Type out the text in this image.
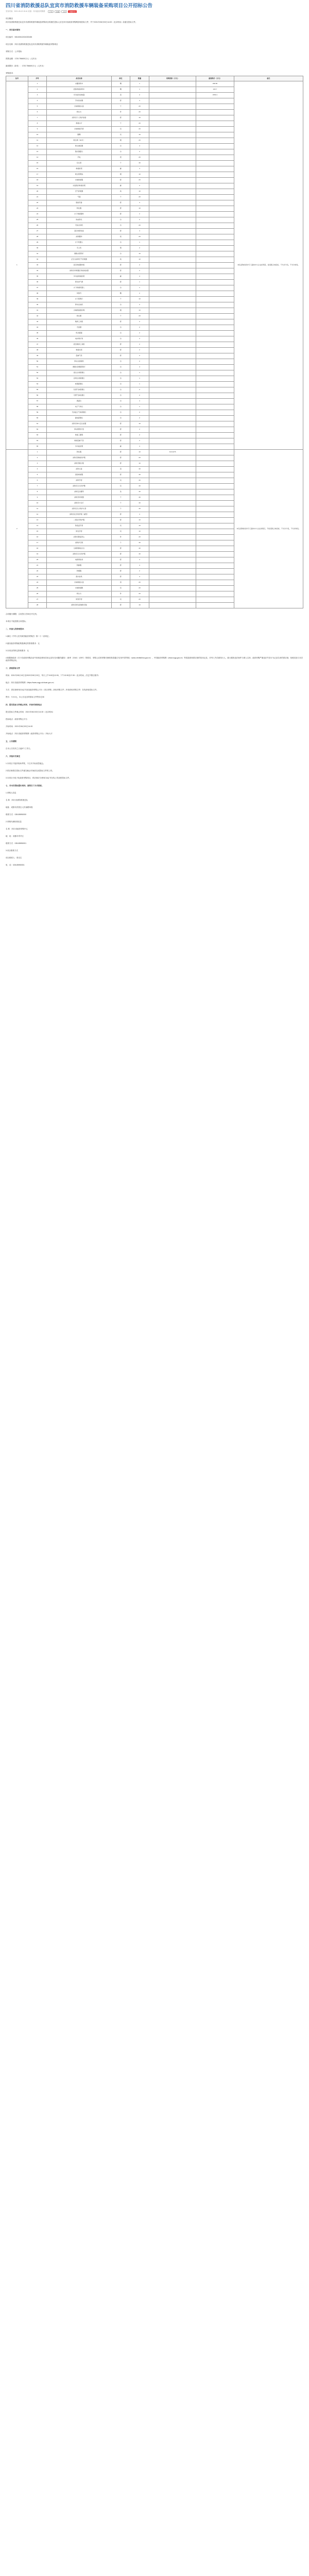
四川省消防救援总队宜宾市消防救援车辆装备采购项目公开招标公告
发布时间：2021-05-13 15:41 来源：四川政府采购网	打印	收藏	关闭	我要评论

项目概况

四川省消防救援总队宜宾市消防救援车辆装备采购项目的潜在投标人应在四川省政府采购网获取招标文件，并于2021年06月03日14:00（北京时间）前递交投标文件。

一、项目基本情况

项目编号：N5100012021000155

项目名称：四川省消防救援总队宜宾市消防救援车辆装备采购项目

采购方式：公开招标

预算金额：1720.756600万元（人民币）

最高限价（如有）：1720.756600万元（人民币）

采购需求：

包号	序号	品目名称	单位	数量	采购预算（万元）	最高限价（万元）	备注
1	1	水罐消防车	辆	1		298.86	本包采购的是非专门面向中小企业的项目，接受联合体投标，不允许分包，不允许转包。
	2	抢险救援消防车	辆	1		243.7	
	3	多功能洗消帐篷	顶	2		1559.1	
	4	手动洗消器	套	4			
	5	水域救援头盔	个	20			
	6	救生衣	件	20			
	7	消防员个人防护装备	套	10			
	8	救援头灯	个	20			
	9	水域救援手套	双	20			
	10	脚蹼	双	10			
	11	救生绳（30米）	根	20			
	12	救生抛投器	台	4			
	13	激光测距仪	台	2			
	14	手电	把	20			
	15	双头锁	个	40			
	16	救援担架	副	4			
	17	救生照明线	根	10			
	18	水域救援服	套	20			
	19	水面漂浮救援担架	副	2			
	20	空气呼吸器	具	10			
	21	气瓶	个	20			
	22	通信设备	套	4			
	23	防化服	套	10			
	24	水下救援器材	套	2			
	25	热成像仪	台	2			
	26	无线对讲机	台	20			
	27	高压软管卷盘	套	4			
	28	消防腰斧	把	20			
	29	水下机器人	台	1			
	30	无人机	架	2			
	31	便携式照明灯	台	10			
	32	正压式消防空气呼吸器	具	10			
	33	高空救援器材组	套	2			
	34	消防员呼救器后场接收装置	套	2			
	35	多功能救援担架	副	4			
	36	移动供气源	套	1			
	37	水下救援机器人	台	1			
	38	冲锋舟	艘	2			
	39	水下照明灯	个	10			
	40	移动发电机	台	2			
	41	水域救援漂浮绳	根	10			
	42	救生圈	个	20			
	43	破拆工具组	套	2			
	44	无齿锯	台	2			
	45	机动链锯	台	2			
	46	电动剪扩钳	台	2			
	47	液压破拆工具组	套	2			
	48	救援支架	套	2			
	49	起重气垫	套	2			
	50	移动式排烟机	台	2			
	51	便携式防爆照明灯	台	4			
	52	雷达生命探测仪	台	1			
	53	音频生命探测仪	台	1			
	54	蛇眼探测仪	台	1			
	55	有毒气体探测仪	台	2			
	56	可燃气体检测仪	台	2			
	57	测温仪	台	4			
	58	电子气象仪	台	1			
	59	无线复合气体探测仪	台	2			
	60	漏电探测仪	台	2			
	61	消防员单兵定位装置	套	10			
	62	移动照明灯组	套	2			
	63	救援三脚架	套	2			
	64	救援起重气垫	套	2			
	65	多功能担架	副	4			
2	1	防化服	套	10	313.4276		本包采购的是非专门面向中小企业的项目，不接受联合体投标，不允许分包，不允许转包。
	2	消防员隔热防护服	套	20			
	3	消防员避火服	套	10			
	4	消防头盔	顶	40			
	5	抢险救援服	套	40			
	6	消防手套	双	40			
	7	消防员灭火防护靴	双	40			
	8	消防安全腰带	条	40			
	9	消防员呼救器	个	40			
	10	消防员方位灯	个	40			
	11	消防员灭火防护头套	个	40			
	12	消防员化学防护服（重型）	套	4			
	13	二级化学防护服	套	10			
	14	防高温手套	双	10			
	15	防化手套	双	10			
	16	消防员降温背心	件	20			
	17	消防护目镜	个	40			
	18	全棉防静电内衣	套	40			
	19	消防员灭火防护服	套	40			
	20	电绝缘装具	套	4			
	21	防蜂服	套	4			
	22	防爆服	套	2			
	23	潜水装具	套	4			
	24	水域救援头盔	顶	20			
	25	水域救援靴	双	20			
	26	救生衣	件	20			
	27	防寒手套	双	20			
	28	消防员防坠落辅助设备	套	10			

合同履行期限：合同签订后90日内交货。

本项目不接受联合体投标。

二、申请人的资格要求：

1.满足《中华人民共和国政府采购法》第二十二条规定；

2.落实政府采购政策需满足的资格要求：无

3.本项目的特定资格要求：无

4.根据财政部《关于在政府采购活动中查询及使用信用记录有关问题的通知》（财库〔2016〕125号）的要求，采购人或者采购代理机构将通过“信用中国”网站（www.creditchina.gov.cn）、中国政府采购网（www.ccgp.gov.cn）等渠道查询供应商的信用记录，对列入失信被执行人、重大税收违法案件当事人名单、政府采购严重违法失信行为记录名单的供应商，拒绝其参与本次政府采购活动。

三、获取招标文件

时间：2021年05月13日至2021年05月20日，每天上午9:00至12:00，下午13:30至17:30（北京时间，法定节假日除外）

地点：四川省政府采购网（https://www.ccgp-sichuan.gov.cn）

方式：供应商使用CA证书登录政府采购云平台（项目采购→获取采购文件→申请获取采购文件）在线获取招标文件。

售价：￥0.0元，本公告包含的招标文件售价总和

四、提交投标文件截止时间、开标时间和地点

提交投标文件截止时间：2021年06月03日14:00（北京时间）

投标地点：政府采购云平台

开标时间：2021年06月03日14:00

开标地点：四川省政府采购网（政府采购云平台）开标大厅

五、公告期限

自本公告发布之日起5个工作日。

六、其他补充事宜

1.本项目不组织现场考察，不召开开标前答疑会。

2.供应商需在投标文件递交截止时间前完成投标文件的上传。

3.本项目为电子化政府采购项目，供应商应当使用CA证书在线上传加密投标文件。

七、对本次招标提出询问，请按以下方式联系。

1.采购人信息

名 称：四川省消防救援总队

地址：成都市武侯区人民南路四段

联系方式：028-85950000

2.采购代理机构信息

名 称：四川省政府采购中心

地　址：成都市青羊区

联系方式：028-85950001

3.项目联系方式

项目联系人：张先生

电　话：028-85950001
